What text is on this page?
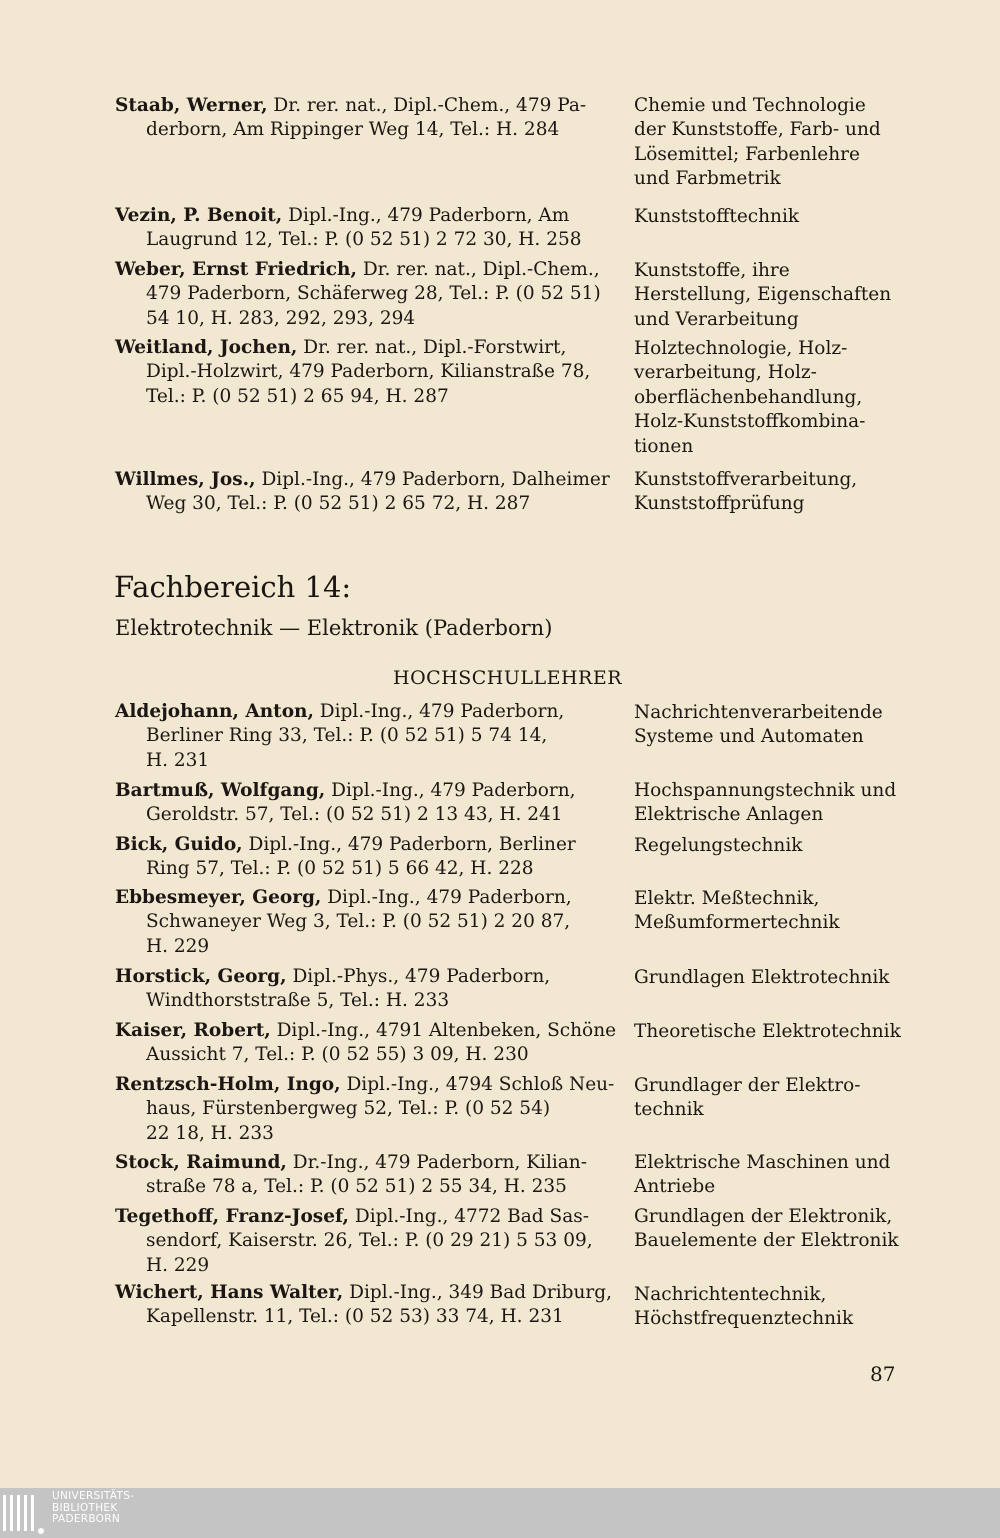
Staab, Werner, Dr. rer. nat., Dipl.-Chem., 479 Pa-
derborn, Am Rippinger Weg 14, Tel.: H. 284
Chemie und Technologie
der Kunststoffe, Farb- und
Lösemittel; Farbenlehre
und Farbmetrik
Vezin, P. Benoit, Dipl.-Ing., 479 Paderborn, Am
Laugrund 12, Tel.: P. (0 52 51) 2 72 30, H. 258
Kunststofftechnik
Weber, Ernst Friedrich, Dr. rer. nat., Dipl.-Chem.,
479 Paderborn, Schäferweg 28, Tel.: P. (0 52 51)
54 10, H. 283, 292, 293, 294
Kunststoffe, ihre
Herstellung, Eigenschaften
und Verarbeitung
Weitland, Jochen, Dr. rer. nat., Dipl.-Forstwirt,
Dipl.-Holzwirt, 479 Paderborn, Kilianstraße 78,
Tel.: P. (0 52 51) 2 65 94, H. 287
Holztechnologie, Holz-
verarbeitung, Holz-
oberflächenbehandlung,
Holz-Kunststoffkombina-
tionen
Willmes, Jos., Dipl.-Ing., 479 Paderborn, Dalheimer
Weg 30, Tel.: P. (0 52 51) 2 65 72, H. 287
Kunststoffverarbeitung,
Kunststoffprüfung
Fachbereich 14:
Elektrotechnik — Elektronik (Paderborn)
HOCHSCHULLEHRER
Aldejohann, Anton, Dipl.-Ing., 479 Paderborn,
Berliner Ring 33, Tel.: P. (0 52 51) 5 74 14,
H. 231
Nachrichtenverarbeitende
Systeme und Automaten
Bartmuß, Wolfgang, Dipl.-Ing., 479 Paderborn,
Geroldstr. 57, Tel.: (0 52 51) 2 13 43, H. 241
Hochspannungstechnik und
Elektrische Anlagen
Bick, Guido, Dipl.-Ing., 479 Paderborn, Berliner
Ring 57, Tel.: P. (0 52 51) 5 66 42, H. 228
Regelungstechnik
Ebbesmeyer, Georg, Dipl.-Ing., 479 Paderborn,
Schwaneyer Weg 3, Tel.: P. (0 52 51) 2 20 87,
H. 229
Elektr. Meßtechnik,
Meßumformertechnik
Horstick, Georg, Dipl.-Phys., 479 Paderborn,
Windthorststraße 5, Tel.: H. 233
Grundlagen Elektrotechnik
Kaiser, Robert, Dipl.-Ing., 4791 Altenbeken, Schöne
Aussicht 7, Tel.: P. (0 52 55) 3 09, H. 230
Theoretische Elektrotechnik
Rentzsch-Holm, Ingo, Dipl.-Ing., 4794 Schloß Neu-
haus, Fürstenbergweg 52, Tel.: P. (0 52 54)
22 18, H. 233
Grundlager der Elektro-
technik
Stock, Raimund, Dr.-Ing., 479 Paderborn, Kilian-
straße 78 a, Tel.: P. (0 52 51) 2 55 34, H. 235
Elektrische Maschinen und
Antriebe
Tegethoff, Franz-Josef, Dipl.-Ing., 4772 Bad Sas-
sendorf, Kaiserstr. 26, Tel.: P. (0 29 21) 5 53 09,
H. 229
Grundlagen der Elektronik,
Bauelemente der Elektronik
Wichert, Hans Walter, Dipl.-Ing., 349 Bad Driburg,
Kapellenstr. 11, Tel.: (0 52 53) 33 74, H. 231
Nachrichtentechnik,
Höchstfrequenztechnik
87
UNIVERSITÄTS-
BIBLIOTHEK
PADERBORN
